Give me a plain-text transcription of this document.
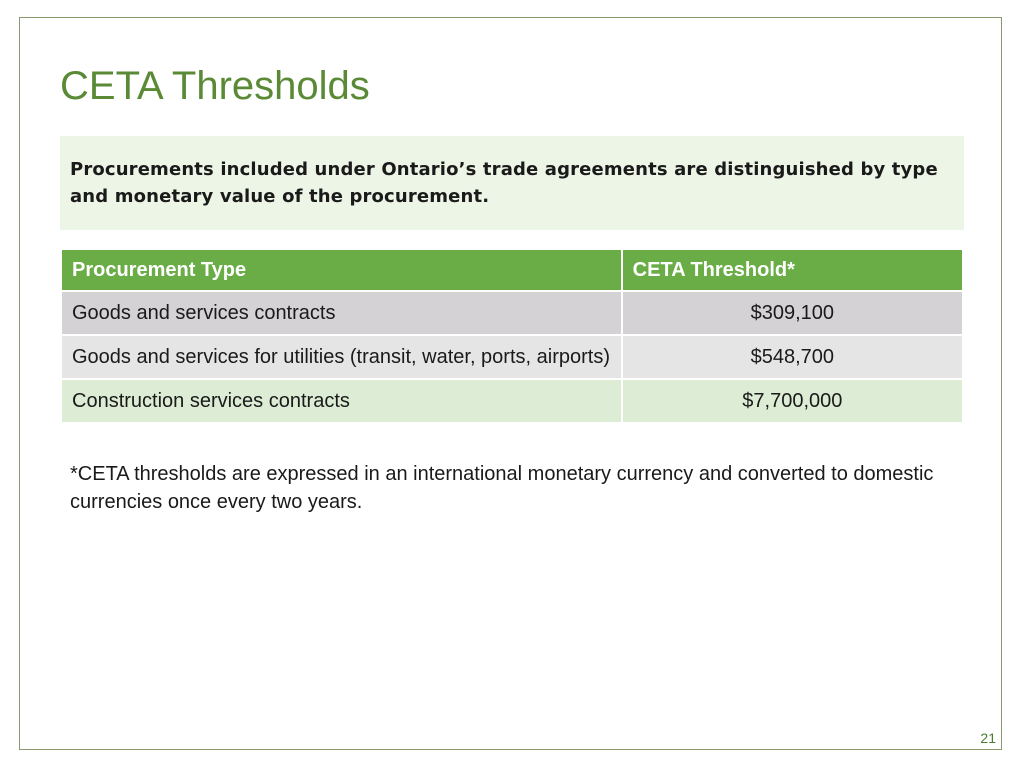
CETA Thresholds

Procurements included under Ontario’s trade agreements are distinguished by type and monetary value of the procurement.

Procurement Type	CETA Threshold*
Goods and services contracts	$309,100
Goods and services for utilities (transit, water, ports, airports)	$548,700
Construction services contracts	$7,700,000

*CETA thresholds are expressed in an international monetary currency and converted to domestic currencies once every two years.

21
